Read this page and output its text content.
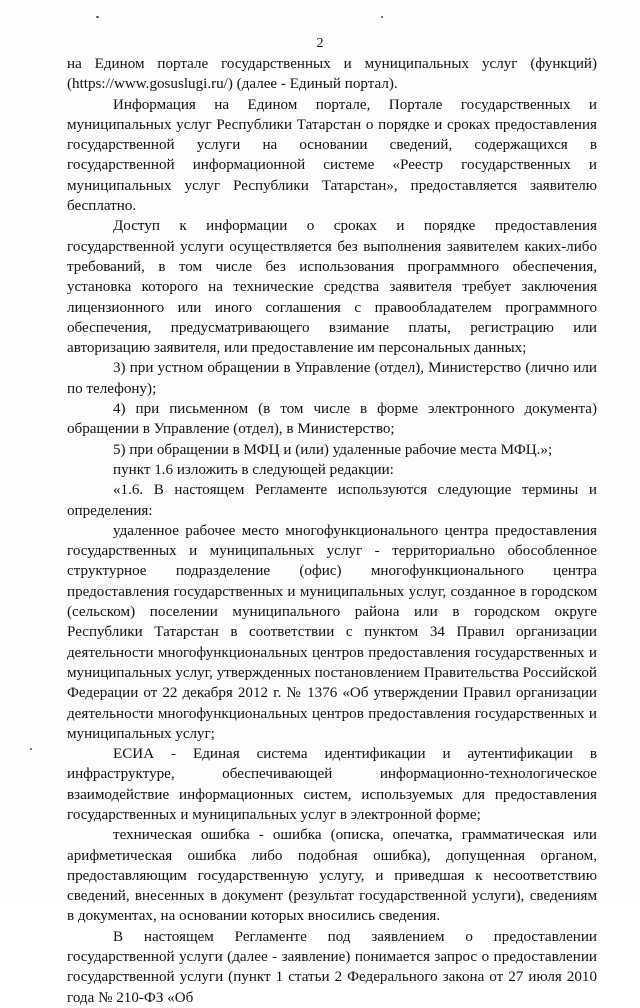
2

на Едином портале государственных и муниципальных услуг (функций) (https://www.gosuslugi.ru/) (далее - Единый портал).

Информация на Едином портале, Портале государственных и муниципальных услуг Республики Татарстан о порядке и сроках предоставления государственной услуги на основании сведений, содержащихся в государственной информационной системе «Реестр государственных и муниципальных услуг Республики Татарстан», предоставляется заявителю бесплатно.

Доступ к информации о сроках и порядке предоставления государственной услуги осуществляется без выполнения заявителем каких-либо требований, в том числе без использования программного обеспечения, установка которого на технические средства заявителя требует заключения лицензионного или иного соглашения с правообладателем программного обеспечения, предусматривающего взимание платы, регистрацию или авторизацию заявителя, или предоставление им персональных данных;

3) при устном обращении в Управление (отдел), Министерство (лично или по телефону);

4) при письменном (в том числе в форме электронного документа) обращении в Управление (отдел), в Министерство;

5) при обращении в МФЦ и (или) удаленные рабочие места МФЦ.»;

пункт 1.6 изложить в следующей редакции:

«1.6. В настоящем Регламенте используются следующие термины и определения:

удаленное рабочее место многофункционального центра предоставления государственных и муниципальных услуг - территориально обособленное структурное подразделение (офис) многофункционального центра предоставления государственных и муниципальных услуг, созданное в городском (сельском) поселении муниципального района или в городском округе Республики Татарстан в соответствии с пунктом 34 Правил организации деятельности многофункциональных центров предоставления государственных и муниципальных услуг, утвержденных постановлением Правительства Российской Федерации от 22 декабря 2012 г. № 1376 «Об утверждении Правил организации деятельности многофункциональных центров предоставления государственных и муниципальных услуг;

ЕСИА - Единая система идентификации и аутентификации в инфраструктуре, обеспечивающей информационно-технологическое взаимодействие информационных систем, используемых для предоставления государственных и муниципальных услуг в электронной форме;

техническая ошибка - ошибка (описка, опечатка, грамматическая или арифметическая ошибка либо подобная ошибка), допущенная органом, предоставляющим государственную услугу, и приведшая к несоответствию сведений, внесенных в документ (результат государственной услуги), сведениям в документах, на основании которых вносились сведения.

В настоящем Регламенте под заявлением о предоставлении государственной услуги (далее - заявление) понимается запрос о предоставлении государственной услуги (пункт 1 статьи 2 Федерального закона от 27 июля 2010 года № 210-ФЗ «Об
